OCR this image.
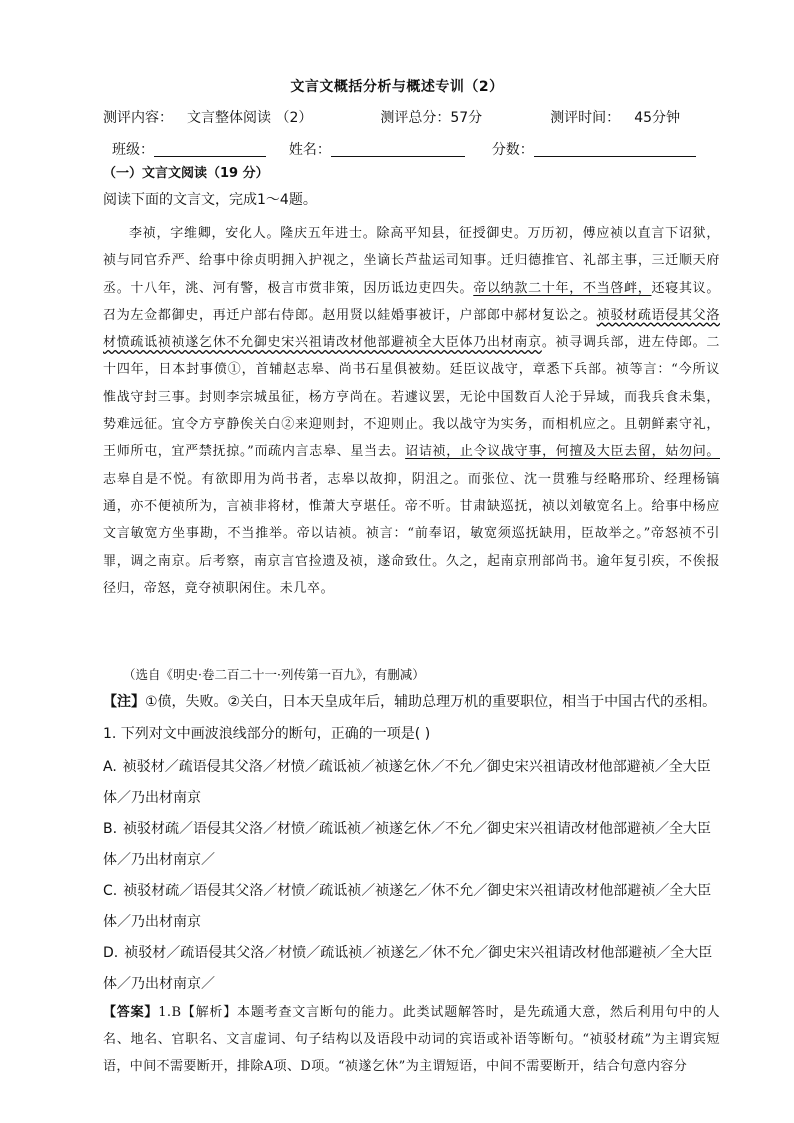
文言文概括分析与概述专训（2）
测评内容： 文言整体阅读 （2）	测评总分：57分	测评时间： 45分钟
班级：	姓名：	分数：
（一）文言文阅读（19 分）
阅读下面的文言文，完成1～4题。

李祯，字维卿，安化人。隆庆五年进士。除高平知县，征授御史。万历初，傅应祯以直言下诏狱，祯与同官乔严、给事中徐贞明拥入护视之，坐谪长芦盐运司知事。迁归德推官、礼部主事，三迁顺天府丞。十八年，洮、河有警，极言市赏非策，因历诋边吏四失。帝以纳款二十年，不当啓衅，还寝其议。召为左佥都御史，再迁户部右侍郎。赵用贤以絓婚事被讦，户部郎中郝材复讼之。祯驳材疏语侵其父洛材愤疏诋祯祯遂乞休不允御史宋兴祖请改材他部避祯全大臣体乃出材南京。祯寻调兵部，进左侍郎。二十四年，日本封事偾①，首辅赵志皋、尚书石星俱被劾。廷臣议战守，章悉下兵部。祯等言：“今所议惟战守封三事。封则李宗城虽征，杨方亨尚在。若遽议罢，无论中国数百人沦于异域，而我兵食未集，势难远征。宜令方亨静俟关白②来迎则封，不迎则止。我以战守为实务，而相机应之。且朝鲜素守礼，王师所屯，宜严禁抚掠。”而疏内言志皋、星当去。诏诘祯，止令议战守事，何擅及大臣去留，姑勿问。志皋自是不悦。有欲即用为尚书者，志皋以故抑，阴沮之。而张位、沈一贯雅与经略邢玠、经理杨镐通，亦不便祯所为，言祯非将材，惟萧大亨堪任。帝不听。甘肃缺巡抚，祯以刘敏宽名上。给事中杨应文言敏宽方坐事勘，不当推举。帝以诘祯。祯言：“前奉诏，敏宽须巡抚缺用，臣故举之。”帝怒祯不引罪，调之南京。后考察，南京言官捡遗及祯，遂命致仕。久之，起南京刑部尚书。逾年复引疾，不俟报径归，帝怒，竟夺祯职闲住。未几卒。

（选自《明史·卷二百二十一·列传第一百九》，有删减）
【注】①偾，失败。②关白，日本天皇成年后，辅助总理万机的重要职位，相当于中国古代的丞相。
1. 下列对文中画波浪线部分的断句，正确的一项是( )
A. 祯驳材／疏语侵其父洛／材愤／疏诋祯／祯遂乞休／不允／御史宋兴祖请改材他部避祯／全大臣
体／乃出材南京
B. 祯驳材疏／语侵其父洛／材愤／疏诋祯／祯遂乞休／不允／御史宋兴祖请改材他部避祯／全大臣
体／乃出材南京／
C. 祯驳材疏／语侵其父洛／材愤／疏诋祯／祯遂乞／休不允／御史宋兴祖请改材他部避祯／全大臣
体／乃出材南京
D. 祯驳材／疏语侵其父洛／材愤／疏诋祯／祯遂乞／休不允／御史宋兴祖请改材他部避祯／全大臣
体／乃出材南京／
【答案】1.B【解析】本题考查文言断句的能力。此类试题解答时，是先疏通大意，然后利用句中的人名、地名、官职名、文言虚词、句子结构以及语段中动词的宾语或补语等断句。“祯驳材疏”为主谓宾短语，中间不需要断开，排除A项、D项。“祯遂乞休”为主谓短语，中间不需要断开，结合句意内容分
